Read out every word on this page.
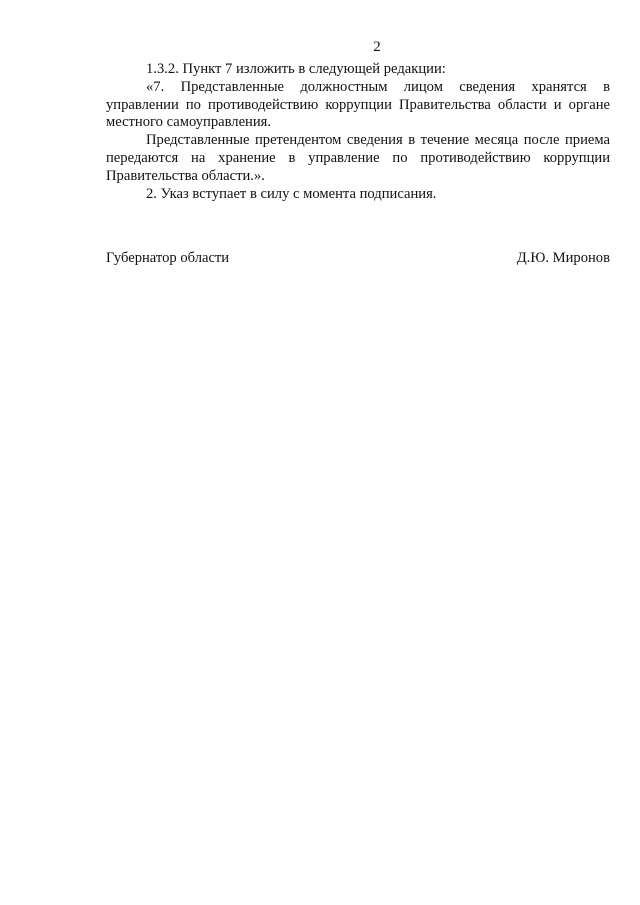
2

1.3.2. Пункт 7 изложить в следующей редакции:

«7. Представленные должностным лицом сведения хранятся в управлении по противодействию коррупции Правительства области и органе местного самоуправления.

Представленные претендентом сведения в течение месяца после приема передаются на хранение в управление по противодействию коррупции Правительства области.».

2. Указ вступает в силу с момента подписания.

Губернатор области	Д.Ю. Миронов
